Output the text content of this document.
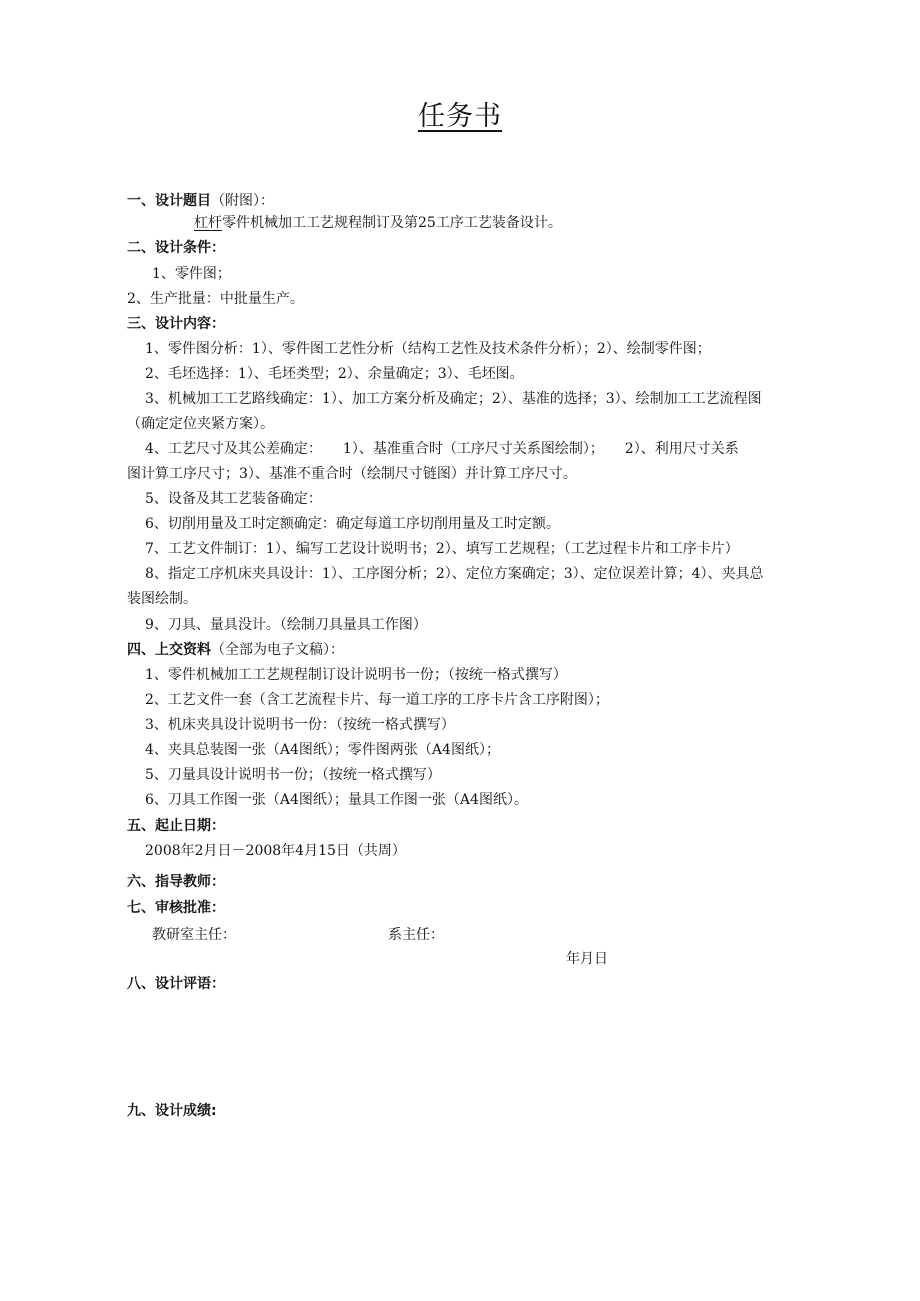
任务书
一、设计题目（附图）：
杠杆零件机械加工工艺规程制订及第25工序工艺装备设计。
二、设计条件：
1、零件图；
2、生产批量：中批量生产。
三、设计内容：
1、零件图分析：1）、零件图工艺性分析（结构工艺性及技术条件分析）；2）、绘制零件图；
2、毛坯选择：1）、毛坯类型；2）、余量确定；3）、毛坯图。
3、机械加工工艺路线确定：1）、加工方案分析及确定；2）、基准的选择；3）、绘制加工工艺流程图
（确定定位夹紧方案）。
4、工艺尺寸及其公差确定：　　1）、基准重合时（工序尺寸关系图绘制）；　　2）、利用尺寸关系
图计算工序尺寸；3）、基准不重合时（绘制尺寸链图）并计算工序尺寸。
5、设备及其工艺装备确定：
6、切削用量及工时定额确定：确定每道工序切削用量及工时定额。
7、工艺文件制订：1）、编写工艺设计说明书；2）、填写工艺规程；（工艺过程卡片和工序卡片）
8、指定工序机床夹具设计：1）、工序图分析；2）、定位方案确定；3）、定位误差计算；4）、夹具总
装图绘制。
9、刀具、量具没计。（绘制刀具量具工作图）
四、上交资料（全部为电子文稿）：
1、零件机械加工工艺规程制订设计说明书一份；（按统一格式撰写）
2、工艺文件一套（含工艺流程卡片、每一道工序的工序卡片含工序附图）；
3、机床夹具设计说明书一份：（按统一格式撰写）
4、夹具总装图一张（A4图纸）；零件图两张（A4图纸）；
5、刀量具设计说明书一份；（按统一格式撰写）
6、刀具工作图一张（A4图纸）；量具工作图一张（A4图纸）。
五、起止日期：
2008年2月日－2008年4月15日（共周）
六、指导教师：
七、审核批准：
教研室主任：	系主任：
年月日
八、设计评语：
九、设计成绩:
